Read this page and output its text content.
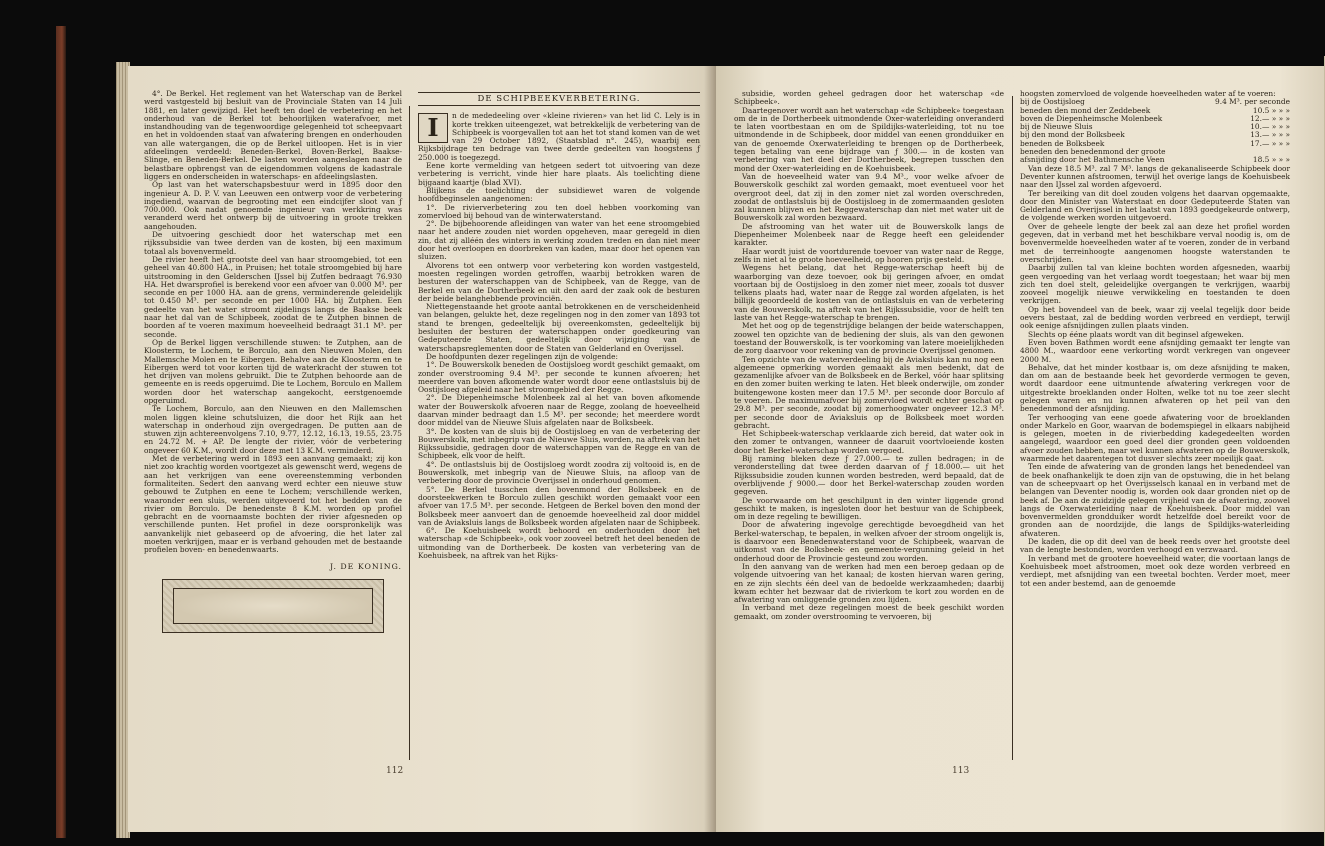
4°. De Berkel. Het reglement van het Waterschap van de Berkel werd vastgesteld bij besluit van de Provinciale Staten van 14 Juli 1881, en later gewijzigd. Het heeft ten doel de verbetering en het onderhoud van de Berkel tot behoorlijken waterafvoer, met instandhouding van de tegenwoordige gelegenheid tot scheepvaart en het in voldoenden staat van afwatering brengen en onderhouden van alle watergangen, die op de Berkel uitloopen. Het is in vier afdeelingen verdeeld: Beneden-Berkel, Boven-Berkel, Baakse-Slinge, en Beneden-Berkel. De lasten worden aangeslagen naar de belastbare opbrengst van de eigendommen volgens de kadastrale liggers en onderscheiden in waterschaps- en afdeelingslasten.

Op last van het waterschapsbestuur werd in 1895 door den ingenieur A. D. P. V. van Leeuwen een ontwerp voor de verbetering ingediend, waarvan de begrooting met een eindcijfer sloot van ƒ 700.000. Ook nadat genoemde ingenieur van werkkring was veranderd werd het ontwerp bij de uitvoering in groote trekken aangehouden.

De uitvoering geschiedt door het waterschap met een rijkssubsidie van twee derden van de kosten, bij een maximum totaal als bovenvermeld.

De rivier heeft het grootste deel van haar stroomgebied, tot een geheel van 40.800 HA., in Pruisen; het totale stroomgebied bij hare uitstrooming in den Gelderschen IJssel bij Zutfen bedraagt 76.930 HA. Het dwarsprofiel is berekend voor een afvoer van 0.000 M³. per seconde en per 1000 HA. aan de grens, verminderende geleidelijk tot 0.450 M³. per seconde en per 1000 HA. bij Zutphen. Een gedeelte van het water stroomt zijdelings langs de Baakse beek naar het dal van de Schipbeek, zoodat de te Zutphen binnen de boorden af te voeren maximum hoeveelheid bedraagt 31.1 M³. per seconde.

Op de Berkel liggen verschillende stuwen: te Zutphen, aan de Kloosterm, te Lochem, te Borculo, aan den Nieuwen Molen, den Mallemsche Molen en te Eibergen. Behalve aan de Kloosterm en te Eibergen werd tot voor korten tijd de waterkracht der stuwen tot het drijven van molens gebruikt. Die te Zutphen behoorde aan de gemeente en is reeds opgeruimd. Die te Lochem, Borculo en Mallem worden door het waterschap aangekocht, eerstgenoemde opgeruimd.

Te Lochem, Borculo, aan den Nieuwen en den Mallemschen molen liggen kleine schutsluizen, die door het Rijk aan het waterschap in onderhoud zijn overgedragen. De putten aan de stuwen zijn achtereenvolgens 7.10, 9.77, 12.12, 16.13, 19.55, 23.75 en 24.72 M. + AP. De lengte der rivier, vóór de verbetering ongeveer 60 K.M., wordt door deze met 13 K.M. verminderd.

Met de verbetering werd in 1893 een aanvang gemaakt; zij kon niet zoo krachtig worden voortgezet als gewenscht werd, wegens de aan het verkrijgen van eene overeenstemming verbonden formaliteiten. Sedert den aanvang werd echter een nieuwe stuw gebouwd te Zutphen en eene te Lochem; verschillende werken, waaronder een sluis, werden uitgevoerd tot het bedden van de rivier om Borculo. De benedenste 8 K.M. worden op profiel gebracht en de voornaamste bochten der rivier afgesneden op verschillende punten. Het profiel in deze oorspronkelijk was aanvankelijk niet gebaseerd op de afvoering, die het later zal moeten verkrijgen, maar er is verband gehouden met de bestaande profielen boven- en benedenwaarts.

J. DE KONING.
DE SCHIPBEEKVERBETERING.
I	n de mededeeling over «kleine rivieren» van het lid C. Lely is in korte trekken uiteengezet, wat betrekkelijk de verbetering van de Schipbeek is voorgevallen tot aan het tot stand komen van de wet van 29 October 1892, (Staatsblad n°. 245), waarbij een Rijksbijdrage ten bedrage van twee derde gedeelten van hoogstens ƒ 250.000 is toegezegd.

Eene korte vermelding van hetgeen sedert tot uitvoering van deze verbetering is verricht, vinde hier hare plaats. Als toelichting diene bijgaand kaartje (blad XVI).

Blijkens de toelichting der subsidiewet waren de volgende hoofdbeginselen aangenomen:

1°. De rivierverbetering zou ten doel hebben voorkoming van zomervloed bij behoud van de winterwaterstand.

2°. De bijbehoorende afleidingen van water van het eene stroomgebied naar het andere zouden niet worden opgeheven, maar geregeld in dien zin, dat zij alléén des winters in werking zouden treden en dan niet meer door het overloopen en doorbreken van kaden, maar door het openen van sluizen.

Alvorens tot een ontwerp voor verbetering kon worden vastgesteld, moesten regelingen worden getroffen, waarbij betrokken waren de besturen der waterschappen van de Schipbeek, van de Regge, van de Berkel en van de Dortherbeek en uit den aard der zaak ook de besturen der beide belanghebbende provinciën.

Niettegenstaande het groote aantal betrokkenen en de verscheidenheid van belangen, gelukte het, deze regelingen nog in den zomer van 1893 tot stand te brengen, gedeeltelijk bij overeenkomsten, gedeeltelijk bij besluiten der besturen der waterschappen onder goedkeuring van Gedeputeerde Staten, gedeeltelijk door wijziging van de waterschapsreglementen door de Staten van Gelderland en Overijssel.

De hoofdpunten dezer regelingen zijn de volgende:

1°. De Bouwerskolk beneden de Oostijsloeg wordt geschikt gemaakt, om zonder overstrooming 9.4 M³. per seconde te kunnen afvoeren; het meerdere van boven afkomende water wordt door eene ontlastsluis bij de Oostijsloeg afgeleid naar het stroomgebied der Regge.

2°. De Diepenheimsche Molenbeek zal al het van boven afkomende water der Bouwerskolk afvoeren naar de Regge, zoolang de hoeveelheid daarvan minder bedraagt dan 1.5 M³. per seconde; het meerdere wordt door middel van de Nieuwe Sluis afgelaten naar de Bolksbeek.

3°. De kosten van de sluis bij de Oostijsloeg en van de verbetering der Bouwerskolk, met inbegrip van de Nieuwe Sluis, worden, na aftrek van het Rijkssubsidie, gedragen door de waterschappen van de Regge en van de Schipbeek, elk voor de helft.

4°. De ontlastsluis bij de Oostijsloeg wordt zoodra zij voltooid is, en de Bouwerskolk, met inbegrip van de Nieuwe Sluis, na afloop van de verbetering door de provincie Overijssel in onderhoud genomen.

5°. De Berkel tusschen den bovenmond der Bolksbeek en de doorsteekwerken te Borculo zullen geschikt worden gemaakt voor een afvoer van 17.5 M³. per seconde. Hetgeen de Berkel boven den mond der Bolksbeek meer aanvoert dan de genoemde hoeveelheid zal door middel van de Aviaksluis langs de Bolksbeek worden afgelaten naar de Schipbeek.

6°. De Koehuisbeek wordt behoord en onderhouden door het waterschap «de Schipbeek», ook voor zooveel betreft het deel beneden de uitmonding van de Dortherbeek. De kosten van verbetering van de Koehuisbeek, na aftrek van het Rijks-

112

subsidie, worden geheel gedragen door het waterschap «de Schipbeek».

Daartegenover wordt aan het waterschap «de Schipbeek» toegestaan om de in de Dortherbeek uitmondende Oxer-waterleiding onveranderd te laten voortbestaan en om de Spildijks-waterleiding, tot nu toe uitmondende in de Schipbeek, door middel van eenen grondduiker en van de genoemde Oxerwaterleiding te brengen op de Dortherbeek, tegen betaling van eene bijdrage van ƒ 300.— in de kosten van verbetering van het deel der Dortherbeek, begrepen tusschen den mond der Oxer-waterleiding en de Koehuisbeek.

Van de hoeveelheid water van 9.4 M³., voor welke afvoer de Bouwerskolk geschikt zal worden gemaakt, moet eventueel voor het overgroot deel, dat zij in den zomer niet zal worden overschreden, zoodat de ontlastsluis bij de Oostijsloeg in de zomermaanden gesloten zal kunnen blijven en het Reggewaterschap dan niet met water uit de Bouwerskolk zal worden bezwaard.

De afstrooming van het water uit de Bouwerskolk langs de Diepenheimer Molenbeek naar de Regge heeft een geleidender karakter.

Haar wordt juist de voortdurende toevoer van water naar de Regge, zelfs in niet al te groote hoeveelheid, op hooren prijs gesteld.

Wegens het belang, dat het Regge-waterschap heeft bij de waarborging van deze toevoer, ook bij geringen afvoer, en omdat voortaan bij de Oostijsloeg in den zomer niet meer, zooals tot dusver telkens plaats had, water naar de Regge zal worden afgelaten, is het billijk geoordeeld de kosten van de ontlastsluis en van de verbetering van de Bouwerskolk, na aftrek van het Rijkssubsidie, voor de helft ten laste van het Regge-waterschap te brengen.

Met het oog op de tegenstrijdige belangen der beide waterschappen, zoowel ten opzichte van de bediening der sluis, als van den gewonen toestand der Bouwerskolk, is ter voorkoming van latere moeielijkheden de zorg daarvoor voor rekening van de provincie Overijssel genomen.

Ten opzichte van de waterverdeeling bij de Aviaksluis kan nu nog een algemeene opmerking worden gemaakt als men bedenkt, dat de gezamenlijke afvoer van de Bolksbeek en de Berkel, vóór haar splitsing en den zomer buiten werking te laten. Het bleek onderwijle, om zonder buitengewone kosten meer dan 17.5 M³. per seconde door Borculo af te voeren. De maximumafvoer bij zomervloed wordt echter geschat op 29.8 M³. per seconde, zoodat bij zomerhoogwater ongeveer 12.3 M³. per seconde door de Aviaksluis op de Bolksbeek moet worden gebracht.

Het Schipbeek-waterschap verklaarde zich bereid, dat water ook in den zomer te ontvangen, wanneer de daaruit voortvloeiende kosten door het Berkel-waterschap worden vergoed.

Bij raming bleken deze ƒ 27.000.— te zullen bedragen; in de veronderstelling dat twee derden daarvan of ƒ 18.000.— uit het Rijkssubsidie zouden kunnen worden bestreden, werd bepaald, dat de overblijvende ƒ 9000.— door het Berkel-waterschap zouden worden gegeven.

De voorwaarde om het geschilpunt in den winter liggende grond geschikt te maken, is ingesloten door het bestuur van de Schipbeek, om in deze regeling te bewilligen.

Door de afwatering ingevolge gerechtigde bevoegdheid van het Berkel-waterschap, te bepalen, in welken afvoer der stroom ongelijk is, is daarvoor een Benedenwaterstand voor de Schipbeek, waarvan de uitkomst van de Bolksbeek- en gemeente-vergunning geleid in het onderhoud door de Provincie gesteund zou worden.

In den aanvang van de werken had men een beroep gedaan op de volgende uitvoering van het kanaal; de kosten hiervan waren gering, en ze zijn slechts één deel van de bedoelde werkzaamheden; daarbij kwam echter het bezwaar dat de rivierkom te kort zou worden en de afwatering van omliggende gronden zou lijden.

In verband met deze regelingen moest de beek geschikt worden gemaakt, om zonder overstrooming te vervoeren, bij

hoogsten zomervloed de volgende hoeveelheden water af te voeren:

bij de Oostijsloeg	9.4 M³. per seconde
beneden den mond der Zeddebeek	10.5 » » »
boven de Diepenheimsche Molenbeek	12.— » » »
bij de Nieuwe Sluis	10.— » » »
bij den mond der Bolksbeek	13.— » » »
beneden de Bolksbeek	17.— » » »
beneden den benedenmond der groote
afsnijding door het Bathmensche Veen	18.5 » » »

Van deze 18.5 M³. zal 7 M³. langs de gekanaliseerde Schipbeek door Deventer kunnen afstroomen, terwijl het overige langs de Koehuisbeek naar den IJssel zal worden afgevoerd.

Ter bereiking van dit doel zouden volgens het daarvan opgemaakte, door den Minister van Waterstaat en door Gedeputeerde Staten van Gelderland en Overijssel in het laatst van 1893 goedgekeurde ontwerp, de volgende werken worden uitgevoerd.

Over de geheele lengte der beek zal aan deze het profiel worden gegeven, dat in verband met het beschikbare verval noodig is, om de bovenvermelde hoeveelheden water af te voeren, zonder de in verband met de terreinhoogte aangenomen hoogste waterstanden te overschrijden.

Daarbij zullen tal van kleine bochten worden afgesneden, waarbij geen vergoeding van het verlaag wordt toegestaan; het waar bij men zich ten doel stelt, geleidelijke overgangen te verkrijgen, waarbij zooveel mogelijk nieuwe verwikkeling en toestanden te doen verkrijgen.

Op het bovendeel van de beek, waar zij veelal tegelijk door beide oevers bestaat, zal de bedding worden verbreed en verdiept, terwijl ook eenige afsnijdingen zullen plaats vinden.

Slechts op ééne plaats wordt van dit beginsel afgeweken.

Even boven Bathmen wordt eene afsnijding gemaakt ter lengte van 4800 M., waardoor eene verkorting wordt verkregen van ongeveer 2000 M.

Behalve, dat het minder kostbaar is, om deze afsnijding te maken, dan om aan de bestaande beek het gevorderde vermogen te geven, wordt daardoor eene uitmuntende afwatering verkregen voor de uitgestrekte broeklanden onder Holten, welke tot nu toe zeer slecht gelegen waren en nu kunnen afwateren op het peil van den benedenmond der afsnijding.

Ter verhooging van eene goede afwatering voor de broeklanden onder Markelo en Goor, waarvan de bodemspiegel in elkaars nabijheid is gelegen, moeten in de rivierbedding kadegedeelten worden aangelegd, waardoor een goed deel dier gronden geen voldoenden afvoer zouden hebben, maar wel kunnen afwateren op de Bouwerskolk, waarmede het daarentegen tot dusver slechts zeer moeilijk gaat.

Ten einde de afwatering van de gronden langs het benedendeel van de beek onafhankelijk te doen zijn van de opstuwing, die in het belang van de scheepvaart op het Overijsselsch kanaal en in verband met de belangen van Deventer noodig is, worden ook daar gronden niet op de beek af. De aan de zuidzijde gelegen vrijheid van de afwatering, zoowel langs de Oxerwaterleiding naar de Koehuisbeek. Door middel van bovenvermelden grondduiker wordt hetzelfde doel bereikt voor de gronden aan de noordzijde, die langs de Spildijks-waterleiding afwateren.

De kaden, die op dit deel van de beek reeds over het grootste deel van de lengte bestonden, worden verhoogd en verzwaard.

In verband met de grootere hoeveelheid water, die voortaan langs de Koehuisbeek moet afstroomen, moet ook deze worden verbreed en verdiept, met afsnijding van een tweetal bochten. Verder moet, meer tot een ander bestemd, aan de genoemde

113
